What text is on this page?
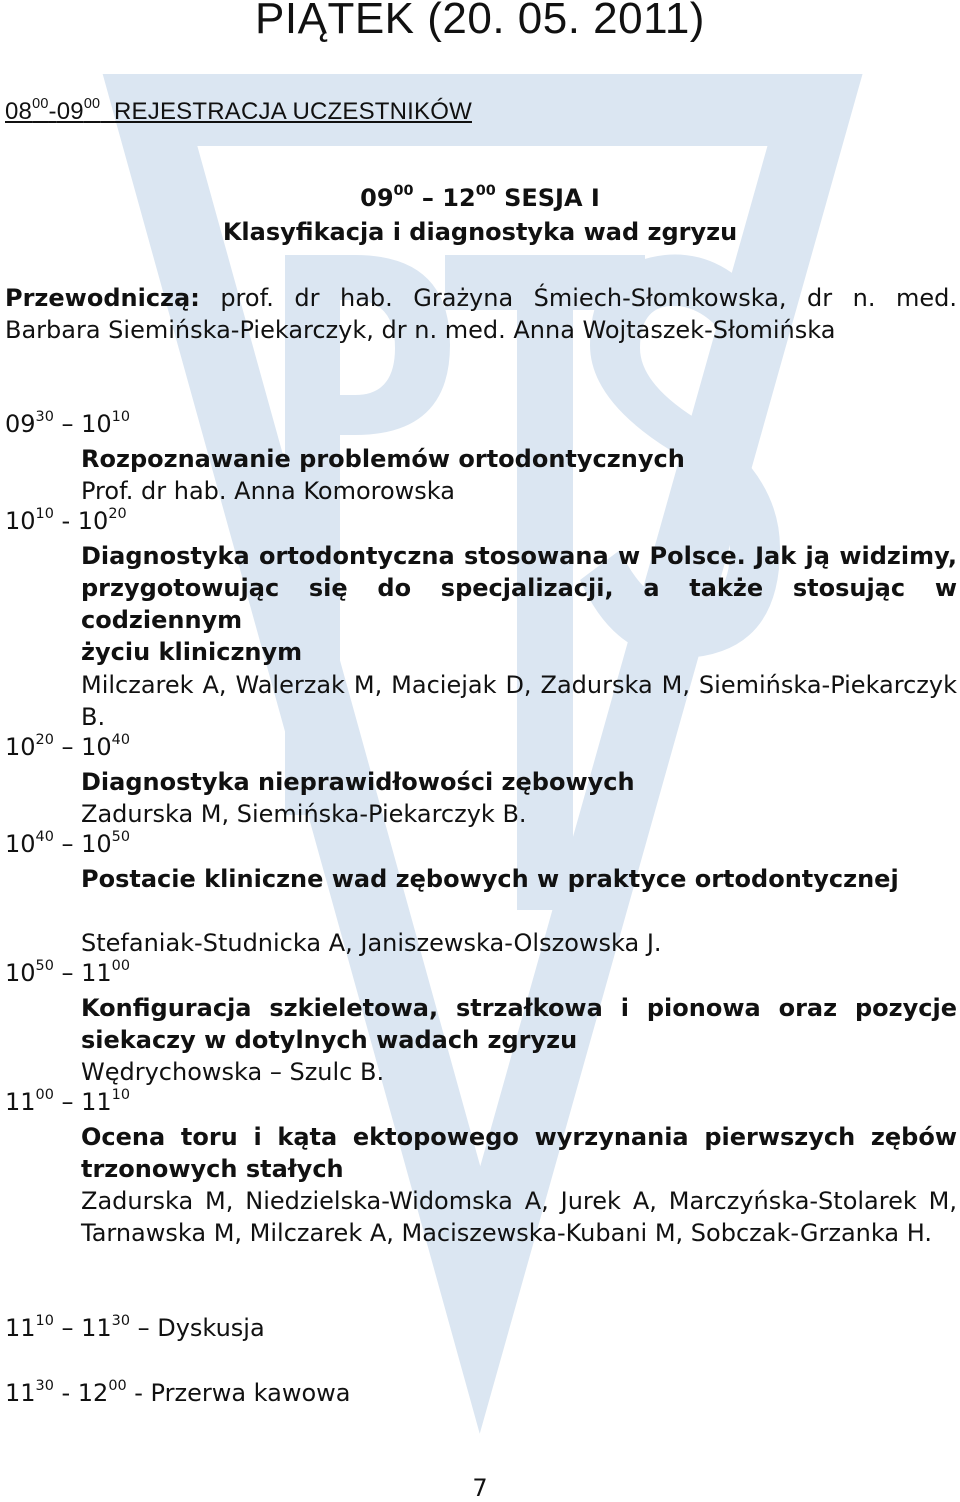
PIĄTEK (20. 05. 2011)
$08^{00}-09^{00}$ REJESTRACJA UCZESTNIKÓW
$09^{00} - 12^{00}$ SESJA I
Klasyfikacja i diagnostyka wad zgryzu
Przewodniczą: prof. dr hab. Grażyna Śmiech-Słomkowska, dr n. med. Barbara Siemińska-Piekarczyk, dr n. med. Anna Wojtaszek-Słomińska
$09^{30} - 10^{10}$
Rozpoznawanie problemów ortodontycznych
Prof. dr hab. Anna Komorowska
$10^{10} - 10^{20}$
Diagnostyka ortodontyczna stosowana w Polsce. Jak ją widzimy, przygotowując się do specjalizacji, a także stosując w codziennym
życiu klinicznym
Milczarek A, Walerzak M, Maciejak D, Zadurska M, Siemińska-Piekarczyk B.
$10^{20} - 10^{40}$
Diagnostyka nieprawidłowości zębowych
Zadurska M, Siemińska-Piekarczyk B.
$10^{40} - 10^{50}$
Postacie kliniczne wad zębowych w praktyce ortodontycznej
Stefaniak-Studnicka A, Janiszewska-Olszowska J.
$10^{50} - 11^{00}$
Konfiguracja szkieletowa, strzałkowa i pionowa oraz pozycje siekaczy w dotylnych wadach zgryzu
Wędrychowska – Szulc B.
$11^{00} - 11^{10}$
Ocena toru i kąta ektopowego wyrzynania pierwszych zębów trzonowych stałych
Zadurska M, Niedzielska-Widomska A, Jurek A, Marczyńska-Stolarek M, Tarnawska M, Milczarek A, Maciszewska-Kubani M, Sobczak-Grzanka H.
$11^{10} - 11^{30}$ – Dyskusja
$11^{30} - 12^{00}$ - Przerwa kawowa
7
